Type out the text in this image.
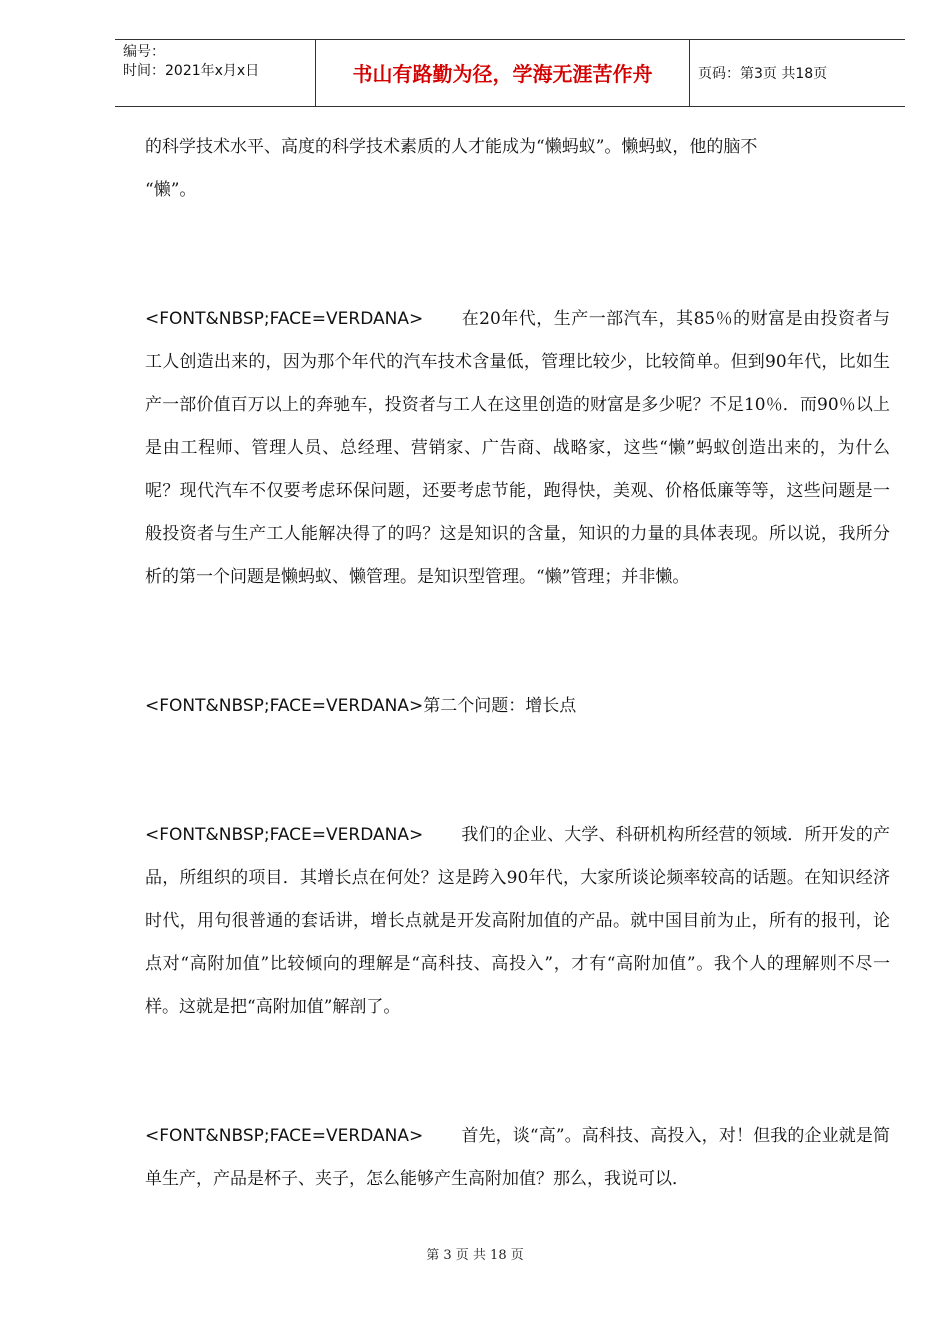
编号：
时间：2021年x月x日	书山有路勤为径，学海无涯苦作舟	页码：第3页 共18页

的科学技术水平、高度的科学技术素质的人才能成为“懒蚂蚁”。懒蚂蚁，他的脑不

“懒”。

<FONT&NBSP;FACE=VERDANA> 在20年代，生产一部汽车，其85％的财富是由投资者与工人创造出来的，因为那个年代的汽车技术含量低，管理比较少，比较简单。但到90年代，比如生产一部价值百万以上的奔驰车，投资者与工人在这里创造的财富是多少呢？不足10％．而90％以上是由工程师、管理人员、总经理、营销家、广告商、战略家，这些“懒”蚂蚁创造出来的，为什么呢？现代汽车不仅要考虑环保问题，还要考虑节能，跑得快，美观、价格低廉等等，这些问题是一般投资者与生产工人能解决得了的吗？这是知识的含量，知识的力量的具体表现。所以说，我所分析的第一个问题是懒蚂蚁、懒管理。是知识型管理。“懒”管理；并非懒。

<FONT&NBSP;FACE=VERDANA>第二个问题：增长点

<FONT&NBSP;FACE=VERDANA> 我们的企业、大学、科研机构所经营的领域．所开发的产品，所组织的项目．其增长点在何处？这是跨入90年代，大家所谈论频率较高的话题。在知识经济时代，用句很普通的套话讲，增长点就是开发高附加值的产品。就中国目前为止，所有的报刊，论点对“高附加值”比较倾向的理解是“高科技、高投入”，才有“高附加值”。我个人的理解则不尽一样。这就是把“高附加值”解剖了。

<FONT&NBSP;FACE=VERDANA> 首先，谈“高”。高科技、高投入，对！但我的企业就是简单生产，产品是杯子、夹子，怎么能够产生高附加值？那么，我说可以．

第 3 页 共 18 页
